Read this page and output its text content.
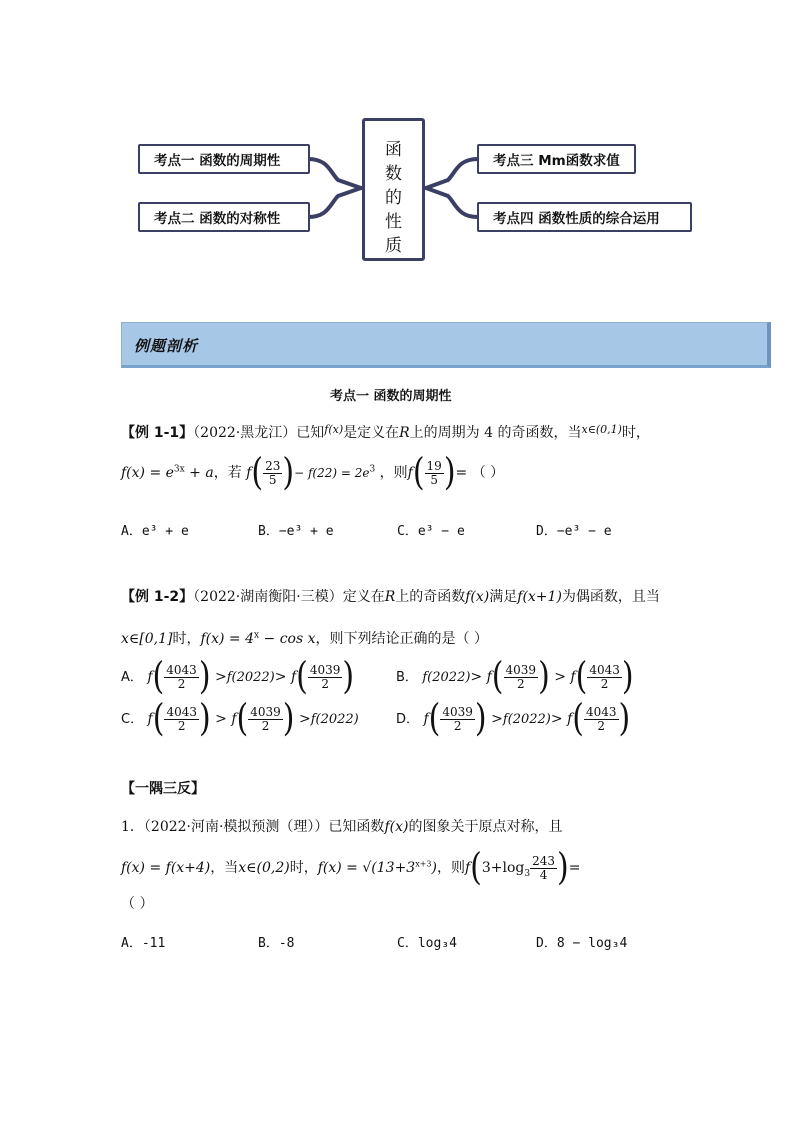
考点一 函数的周期性
考点二 函数的对称性
考点三 Mm函数求值
考点四 函数性质的综合运用
函
数
的
性
质
例题剖析
考点一 函数的周期性
【例 1-1】（2022·黑龙江）已知$^{f(x)}$是定义在R上的周期为 4 的奇函数，当$^{x\in(0,1)}$时，
$f(x) = e^{3x} + a$，若 $f( \frac{23}{5}$ )− $f(22) = 2e^3$ ，则$f( \frac{19}{5}$ )= （ ）
A．e³ + e	B．−e³ + e	C．e³ − e	D．−e³ − e
【例 1-2】（2022·湖南衡阳·三模）定义在R上的奇函数f(x)满足f(x+1)为偶函数，且当
x∈[0,1]时，$f(x) = 4^x - \cos x$，则下列结论正确的是（ ）
A． $f( \frac{4043}{2}$ ) $>f(2022)> f( \frac{4039}{2}$ )	B． $f(2022)> f( \frac{4039}{2}$ ) > $f( \frac{4043}{2}$ )
C． $f( \frac{4043}{2}$ ) > $f( \frac{4039}{2}$ ) >f(2022)	D． $f( \frac{4039}{2}$ ) $>f(2022)> f( \frac{4043}{2}$ )
【一隅三反】
1．（2022·河南·模拟预测（理））已知函数f(x)的图象关于原点对称，且
f(x) = f(x+4)，当x∈(0,2)时，$f(x) = √(13+3^{x+3})$，则$f(3+\log_3 \frac{243}{4}$ )=
（ ）
A．-11	B．-8	C．log₃4	D．8 − log₃4
